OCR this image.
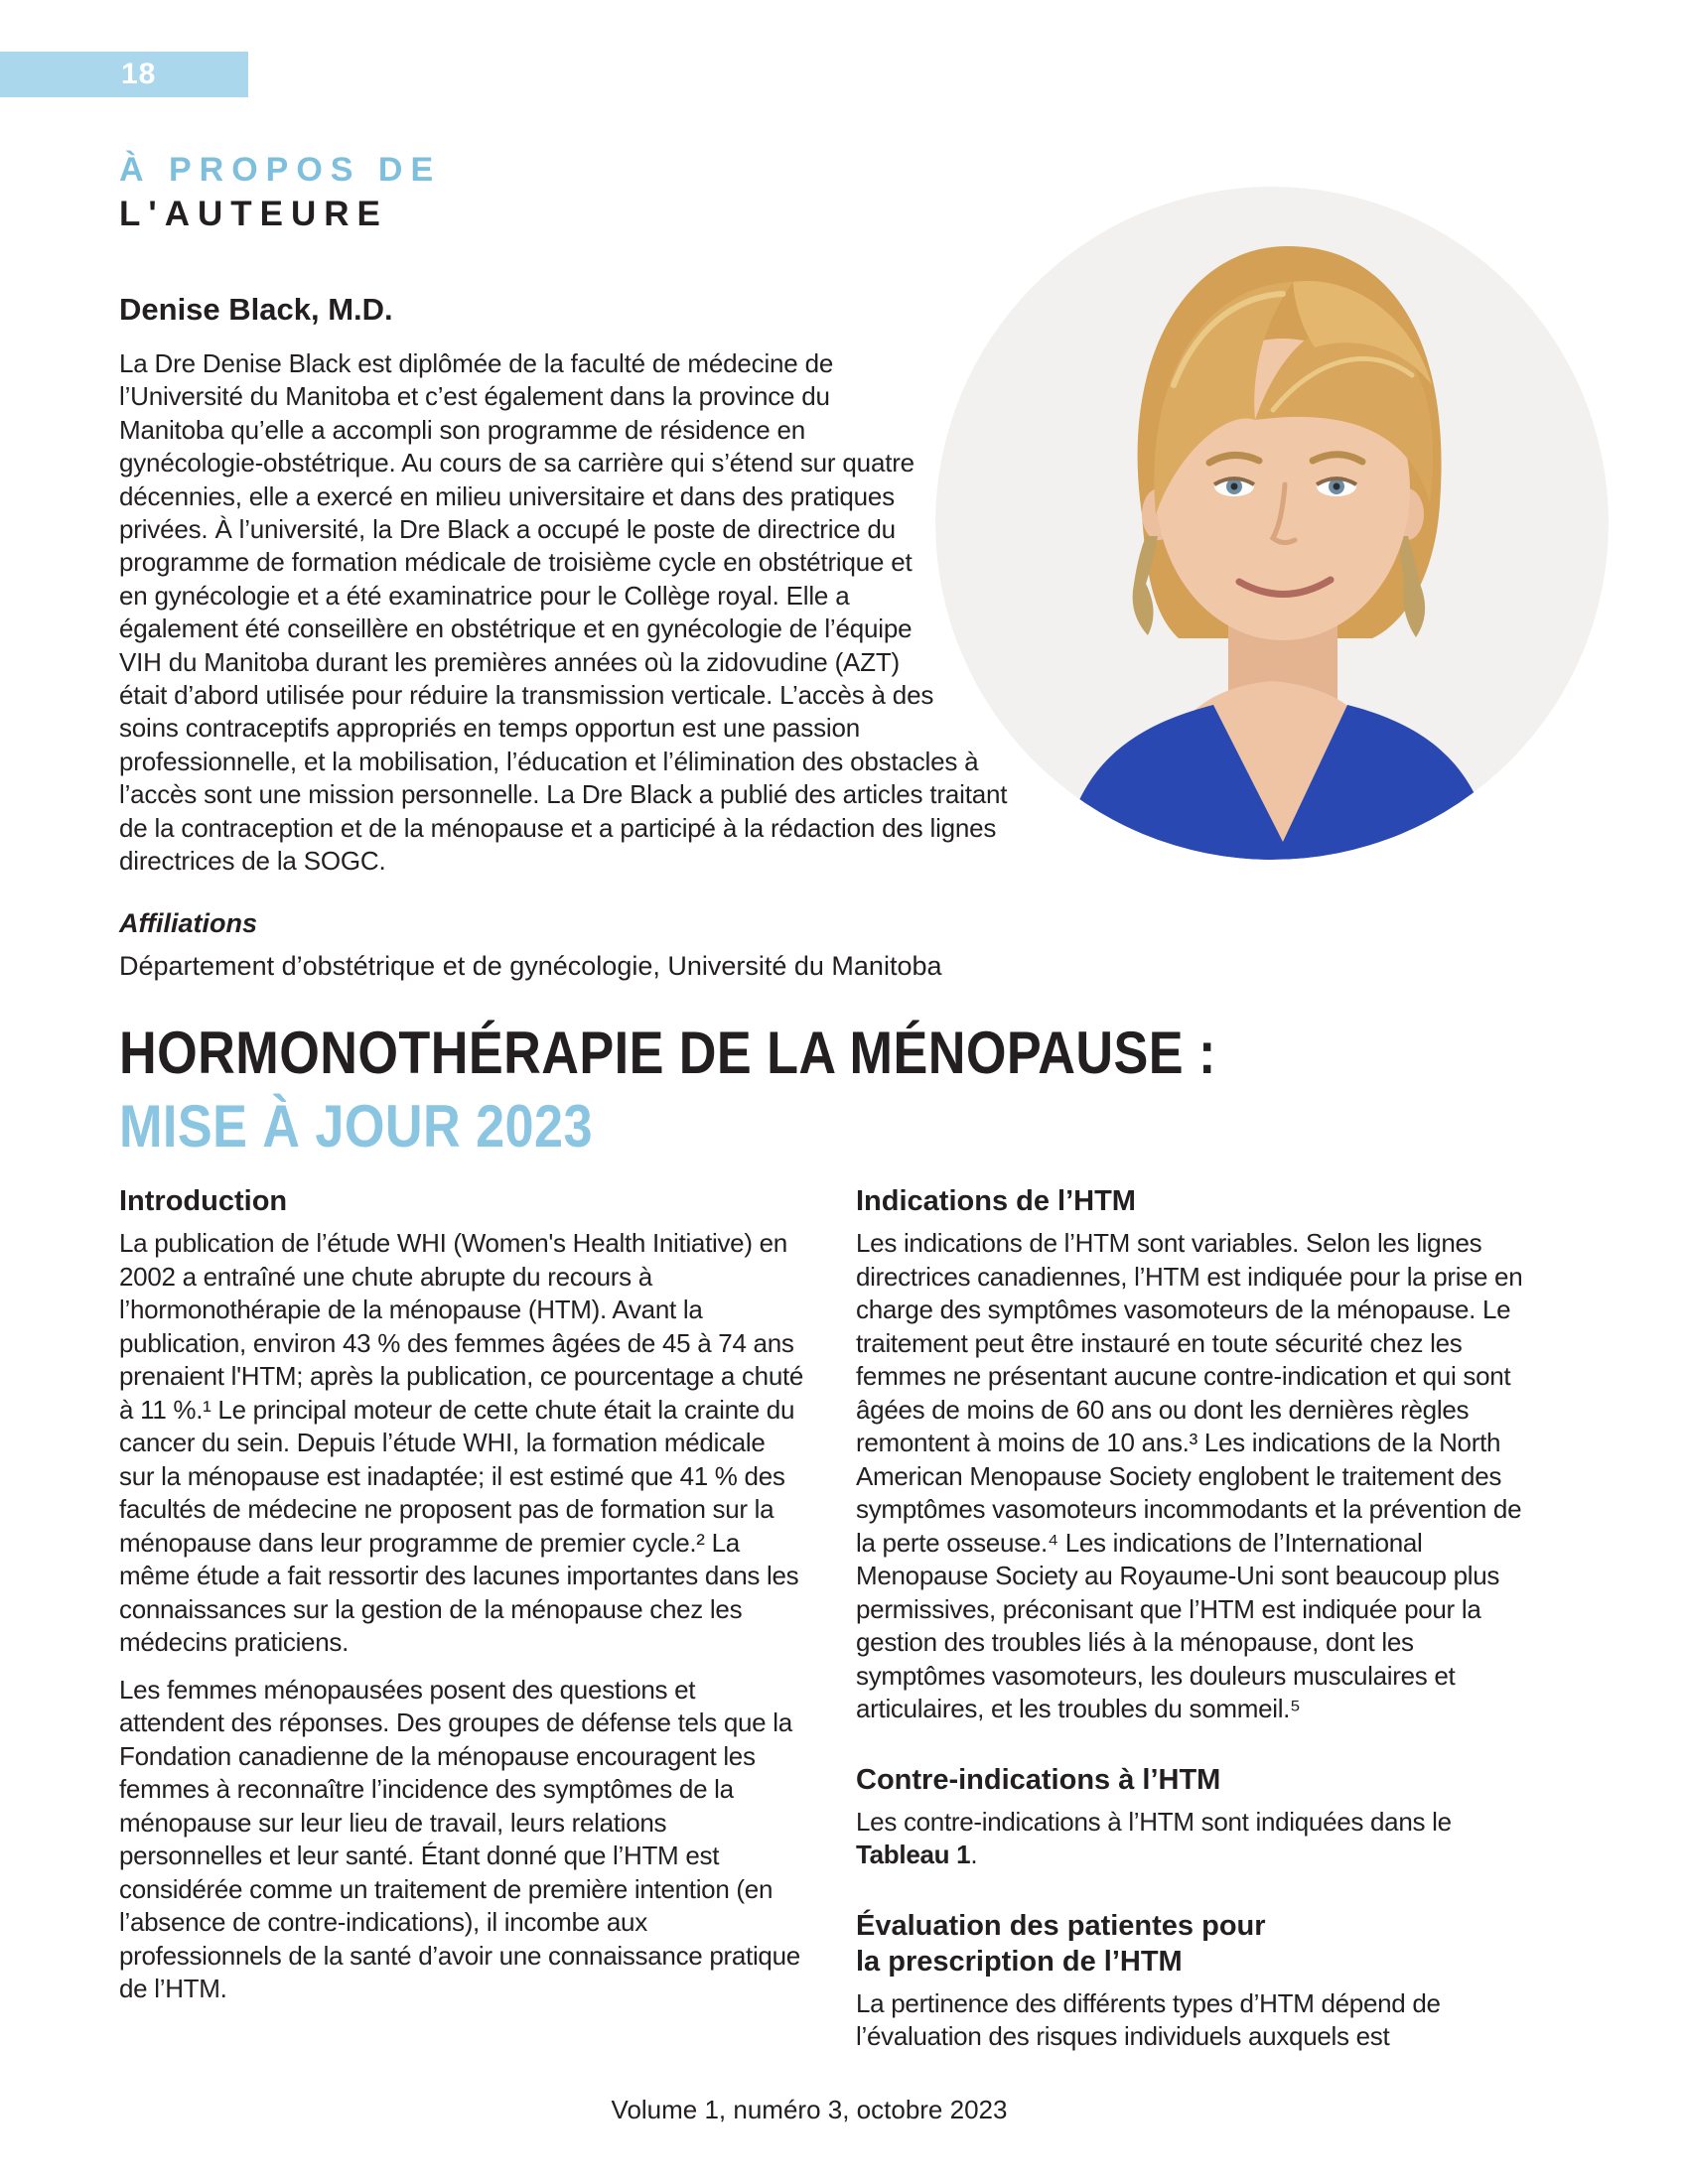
18
À PROPOS DE
L'AUTEURE
Denise Black, M.D.
La Dre Denise Black est diplômée de la faculté de médecine de l’Université du Manitoba et c’est également dans la province du Manitoba qu’elle a accompli son programme de résidence en gynécologie-obstétrique. Au cours de sa carrière qui s’étend sur quatre décennies, elle a exercé en milieu universitaire et dans des pratiques privées. À l’université, la Dre Black a occupé le poste de directrice du programme de formation médicale de troisième cycle en obstétrique et en gynécologie et a été examinatrice pour le Collège royal. Elle a également été conseillère en obstétrique et en gynécologie de l’équipe VIH du Manitoba durant les premières années où la zidovudine (AZT) était d’abord utilisée pour réduire la transmission verticale. L’accès à des soins contraceptifs appropriés en temps opportun est une passion professionnelle, et la mobilisation, l’éducation et l’élimination des obstacles à l’accès sont une mission personnelle. La Dre Black a publié des articles traitant de la contraception et de la ménopause et a participé à la rédaction des lignes directrices de la SOGC.
Affiliations
Département d’obstétrique et de gynécologie, Université du Manitoba
HORMONOTHÉRAPIE DE LA MÉNOPAUSE :
MISE À JOUR 2023
Introduction

La publication de l’étude WHI (Women's Health Initiative) en 2002 a entraîné une chute abrupte du recours à l’hormonothérapie de la ménopause (HTM). Avant la publication, environ 43 % des femmes âgées de 45 à 74 ans prenaient l'HTM; après la publication, ce pourcentage a chuté à 11 %.¹ Le principal moteur de cette chute était la crainte du cancer du sein. Depuis l’étude WHI, la formation médicale sur la ménopause est inadaptée; il est estimé que 41 % des facultés de médecine ne proposent pas de formation sur la ménopause dans leur programme de premier cycle.² La même étude a fait ressortir des lacunes importantes dans les connaissances sur la gestion de la ménopause chez les médecins praticiens.

Les femmes ménopausées posent des questions et attendent des réponses. Des groupes de défense tels que la Fondation canadienne de la ménopause encouragent les femmes à reconnaître l’incidence des symptômes de la ménopause sur leur lieu de travail, leurs relations personnelles et leur santé. Étant donné que l’HTM est considérée comme un traitement de première intention (en l’absence de contre-indications), il incombe aux professionnels de la santé d’avoir une connaissance pratique de l’HTM.

Indications de l’HTM

Les indications de l’HTM sont variables. Selon les lignes directrices canadiennes, l’HTM est indiquée pour la prise en charge des symptômes vasomoteurs de la ménopause. Le traitement peut être instauré en toute sécurité chez les femmes ne présentant aucune contre-indication et qui sont âgées de moins de 60 ans ou dont les dernières règles remontent à moins de 10 ans.³ Les indications de la North American Menopause Society englobent le traitement des symptômes vasomoteurs incommodants et la prévention de la perte osseuse.⁴ Les indications de l’International Menopause Society au Royaume-Uni sont beaucoup plus permissives, préconisant que l’HTM est indiquée pour la gestion des troubles liés à la ménopause, dont les symptômes vasomoteurs, les douleurs musculaires et articulaires, et les troubles du sommeil.⁵

Contre-indications à l’HTM

Les contre-indications à l’HTM sont indiquées dans le Tableau 1.

Évaluation des patientes pour
la prescription de l’HTM

La pertinence des différents types d’HTM dépend de l’évaluation des risques individuels auxquels est

Volume 1, numéro 3, octobre 2023
